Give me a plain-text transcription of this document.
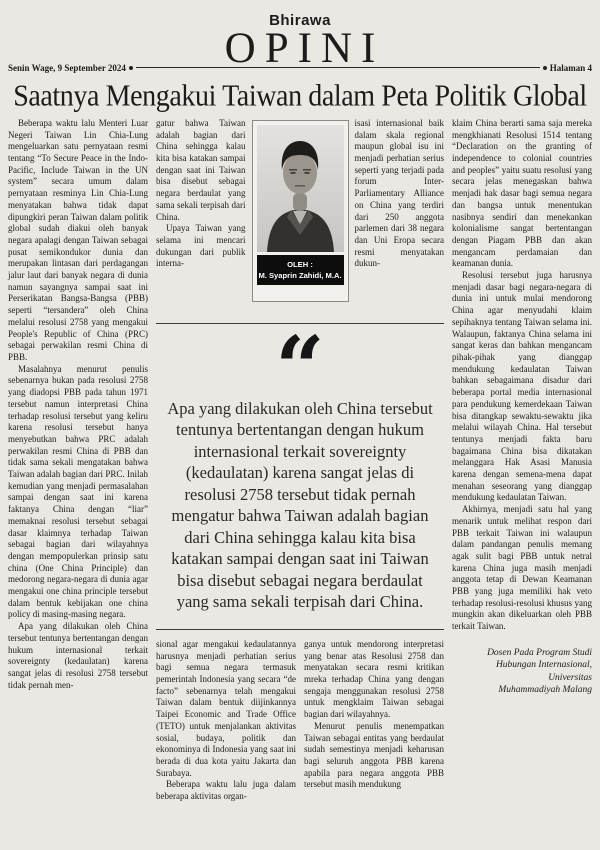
Bhirawa
OPINI
Senin Wage, 9 September 2024	Halaman 4
Saatnya Mengakui Taiwan dalam Peta Politik Global

Beberapa waktu lalu Menteri Luar Negeri Taiwan Lin Chia-Lung mengeluarkan satu pernyataan resmi tentang “To Secure Peace in the Indo-Pacific, Include Taiwan in the UN system” secara umum dalam pernyataan resminya Lin Chia-Lung menyatakan bahwa tidak dapat dipungkiri peran Taiwan dalam politik global sudah diakui oleh banyak negara apalagi dengan Taiwan sebagai pusat semikondukor dunia dan merupakan lintasan dari perdagangan jalur laut dari banyak negara di dunia namun sayangnya sampai saat ini Perserikatan Bangsa-Bangsa (PBB) seperti “tersandera” oleh China melalui resolusi 2758 yang mengakui People's Republic of China (PRC) sebagai perwakilan resmi China di PBB.

Masalahnya menurut penulis sebenarnya bukan pada resolusi 2758 yang diadopsi PBB pada tahun 1971 tersebut namun interpretasi China terhadap resolusi tersebut yang keliru karena resolusi tersebut hanya menyebutkan bahwa PRC adalah perwakilan resmi China di PBB dan tidak sama sekali mengatakan bahwa Taiwan adalah bagian dari PRC. Inilah kemudian yang menjadi permasalahan sampai dengan saat ini karena faktanya China dengan “liar” memaknai resolusi tersebut sebagai dasar klaimnya terhadap Taiwan sebagai bagian dari wilayahnya dengan mempopulerkan prinsip satu china (One China Principle) dan medorong negara-negara di dunia agar mengakui one china principle tersebut dalam bentuk kebijakan one china policy di masing-masing negara.

Apa yang dilakukan oleh China tersebut tentunya bertentangan dengan hukum internasional terkait sovereignty (kedaulatan) karena sangat jelas di resolusi 2758 tersebut tidak pernah men-

gatur bahwa Taiwan adalah bagian dari China sehingga kalau kita bisa katakan sampai dengan saat ini Taiwan bisa disebut sebagai negara berdaulat yang sama sekali terpisah dari China.

Upaya Taiwan yang selama ini mencari dukungan dari publik interna-	OLEH :
M. Syaprin Zahidi, M.A.

isasi internasional baik dalam skala regional maupun global isu ini menjadi perhatian serius seperti yang terjadi pada forum Inter-Parliamentary Alliance on China yang terdiri dari 250 anggota parlemen dari 38 negara dan Uni Eropa secara resmi menyatakan dukun-

“
Apa yang dilakukan oleh China tersebut tentunya bertentangan dengan hukum internasional terkait sovereignty (kedaulatan) karena sangat jelas di resolusi 2758 tersebut tidak pernah mengatur bahwa Taiwan adalah bagian dari China sehingga kalau kita bisa katakan sampai dengan saat ini Taiwan bisa disebut sebagai negara berdaulat yang sama sekali terpisah dari China.

sional agar mengakui kedaulatannya harusnya menjadi perhatian serius bagi semua negara termasuk pemerintah Indonesia yang secara “de facto” sebenarnya telah mengakui Taiwan dalam bentuk diijinkannya Taipei Economic and Trade Office (TETO) untuk menjalankan aktivitas sosial, budaya, politik dan ekonominya di Indonesia yang saat ini berada di dua kota yaitu Jakarta dan Surabaya.

Beberapa waktu lalu juga dalam beberapa aktivitas organ-

ganya untuk mendorong interpretasi yang benar atas Resolusi 2758 dan menyatakan secara resmi kritikan mreka terhadap China yang dengan sengaja menggunakan resolusi 2758 untuk mengklaim Taiwan sebagai bagian dari wilayahnya.

Menurut penulis menempatkan Taiwan sebagai entitas yang berdaulat sudah semestinya menjadi keharusan bagi seluruh anggota PBB karena apabila para negara anggota PBB tersebut masih mendukung

klaim China berarti sama saja mereka mengkhianati Resolusi 1514 tentang “Declaration on the granting of independence to colonial countries and peoples” yaitu suatu resolusi yang secara jelas menegaskan bahwa menjadi hak dasar bagi semua negara dan bangsa untuk menentukan nasibnya sendiri dan menekankan kolonialisme sangat bertentangan dengan Piagam PBB dan akan mengancam perdamaian dan keamanan dunia.

Resolusi tersebut juga harusnya menjadi dasar bagi negara-negara di dunia ini untuk mulai mendorong China agar menyudahi klaim sepihaknya tentang Taiwan selama ini. Walaupun, faktanya China selama ini sangat keras dan bahkan mengancam pihak-pihak yang dianggap mendukung kedaulatan Taiwan bahkan sebagaimana disadur dari beberapa portal media internasional para pendukung kemerdekaan Taiwan bisa ditangkap sewaktu-sewaktu jika melalui wilayah China. Hal tersebut tentunya menjadi fakta baru bagaimana China bisa dikatakan melanggara Hak Asasi Manusia karena dengan semena-mena dapat menahan seseorang yang dianggap mendukung kedaulatan Taiwan.

Akhirnya, menjadi satu hal yang menarik untuk melihat respon dari PBB terkait Taiwan ini walaupun dalam pandangan penulis memang agak sulit bagi PBB untuk netral karena China juga masih menjadi anggota tetap di Dewan Keamanan PBB yang juga memiliki hak veto terhadap resolusi-resolusi khusus yang mungkin akan dikeluarkan oleh PBB terkait Taiwan.

Dosen Pada Program Studi
Hubungan Internasional, Universitas
Muhammadiyah Malang
